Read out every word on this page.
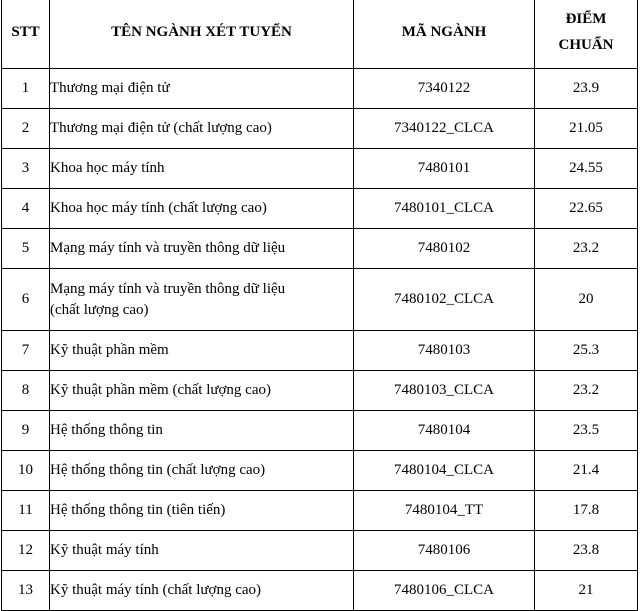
STT	TÊN NGÀNH XÉT TUYỂN	MÃ NGÀNH	ĐIỂM
CHUẨN

1	Thương mại điện tử	7340122	23.9
2	Thương mại điện tử (chất lượng cao)	7340122_CLCA	21.05
3	Khoa học máy tính	7480101	24.55
4	Khoa học máy tính (chất lượng cao)	7480101_CLCA	22.65
5	Mạng máy tính và truyền thông dữ liệu	7480102	23.2
6	Mạng máy tính và truyền thông dữ liệu
(chất lượng cao)	7480102_CLCA	20
7	Kỹ thuật phần mềm	7480103	25.3
8	Kỹ thuật phần mềm (chất lượng cao)	7480103_CLCA	23.2
9	Hệ thống thông tin	7480104	23.5
10	Hệ thống thông tin (chất lượng cao)	7480104_CLCA	21.4
11	Hệ thống thông tin (tiên tiến)	7480104_TT	17.8
12	Kỹ thuật máy tính	7480106	23.8
13	Kỹ thuật máy tính (chất lượng cao)	7480106_CLCA	21
